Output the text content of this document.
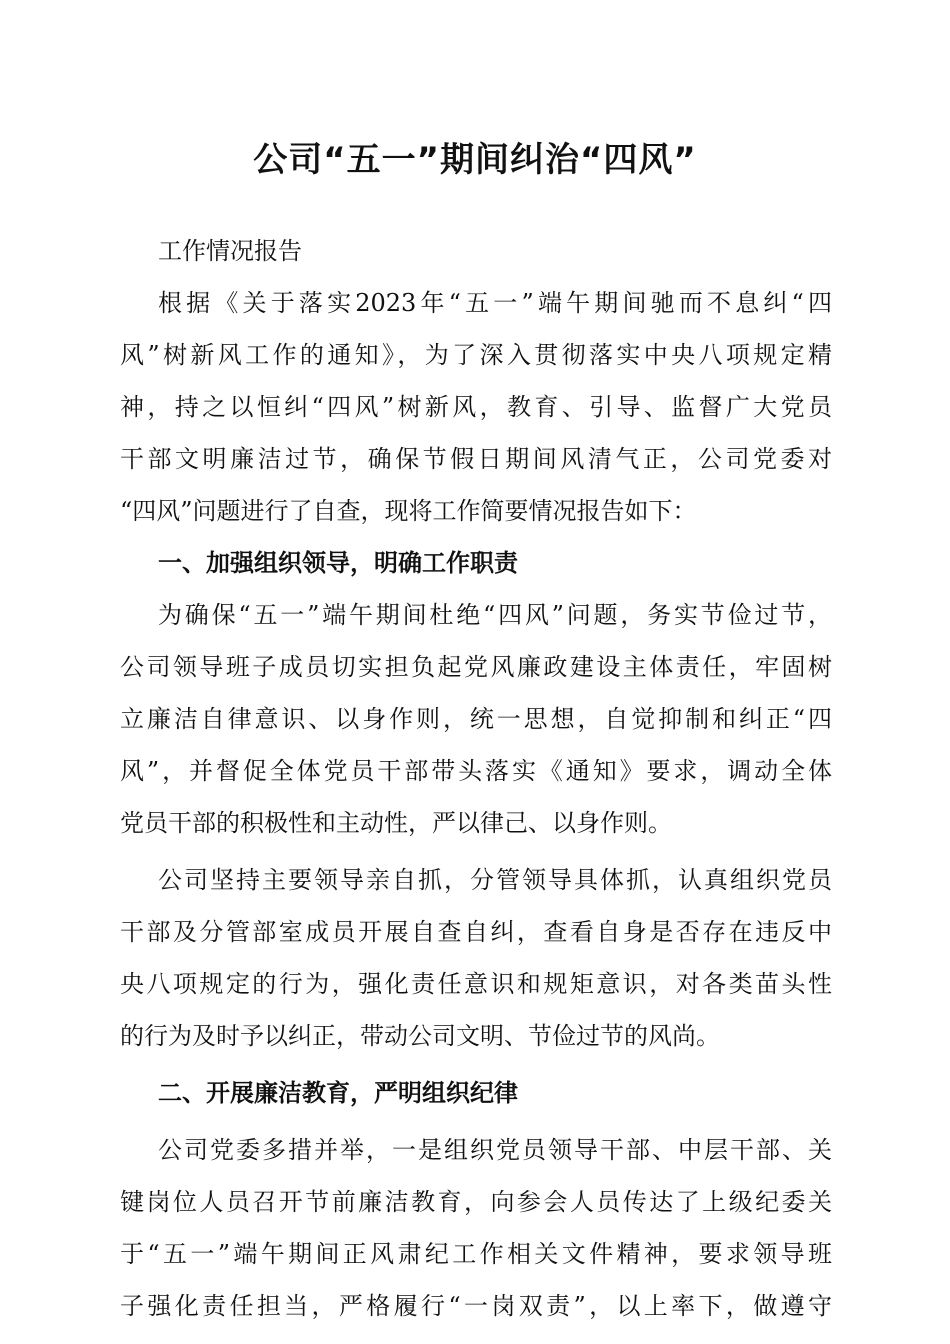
公司“五一”期间纠治“四风”
工作情况报告
根据《关于落实2023年“五一”端午期间驰而不息纠“四
风”树新风工作的通知》，为了深入贯彻落实中央八项规定精
神，持之以恒纠“四风”树新风，教育、引导、监督广大党员
干部文明廉洁过节，确保节假日期间风清气正，公司党委对
“四风”问题进行了自查，现将工作简要情况报告如下：
一、加强组织领导，明确工作职责
为确保“五一”端午期间杜绝“四风”问题，务实节俭过节，
公司领导班子成员切实担负起党风廉政建设主体责任，牢固树
立廉洁自律意识、以身作则，统一思想，自觉抑制和纠正“四
风”，并督促全体党员干部带头落实《通知》要求，调动全体
党员干部的积极性和主动性，严以律己、以身作则。
公司坚持主要领导亲自抓，分管领导具体抓，认真组织党员
干部及分管部室成员开展自查自纠，查看自身是否存在违反中
央八项规定的行为，强化责任意识和规矩意识，对各类苗头性
的行为及时予以纠正，带动公司文明、节俭过节的风尚。
二、开展廉洁教育，严明组织纪律
公司党委多措并举，一是组织党员领导干部、中层干部、关
键岗位人员召开节前廉洁教育，向参会人员传达了上级纪委关
于“五一”端午期间正风肃纪工作相关文件精神，要求领导班
子强化责任担当，严格履行“一岗双责”，以上率下，做遵守
